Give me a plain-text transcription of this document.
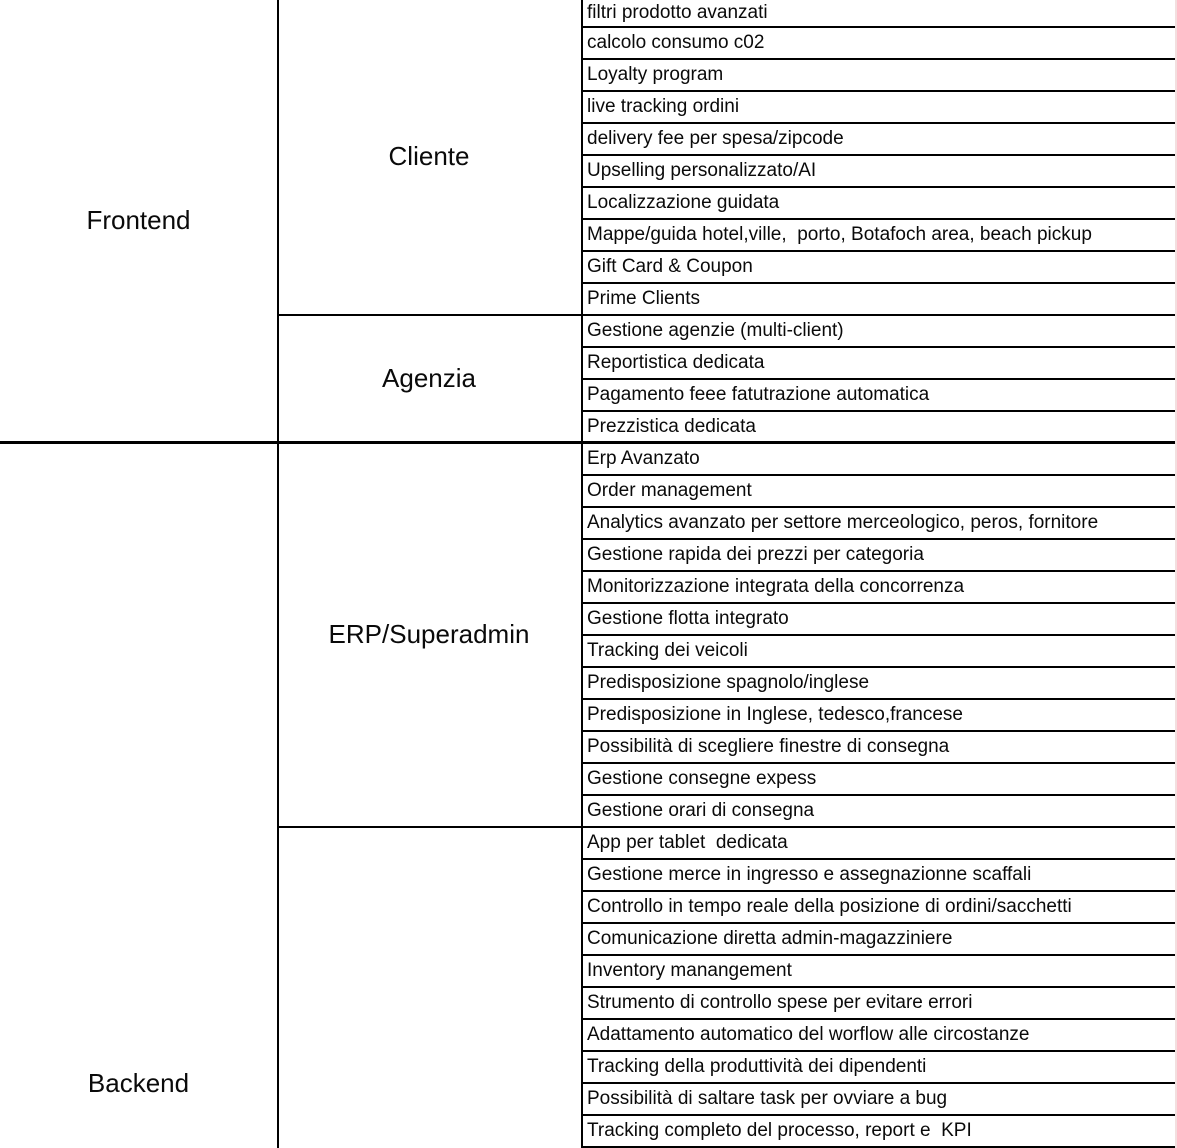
Frontend
Backend
Cliente
Agenzia
ERP/Superadmin
filtri prodotto avanzati
calcolo consumo c02
Loyalty program
live tracking ordini
delivery fee per spesa/zipcode
Upselling personalizzato/AI
Localizzazione guidata
Mappe/guida hotel,ville,  porto, Botafoch area, beach pickup
Gift Card & Coupon
Prime Clients
Gestione agenzie (multi-client)
Reportistica dedicata
Pagamento feee fatutrazione automatica
Prezzistica dedicata
Erp Avanzato
Order management
Analytics avanzato per settore merceologico, peros, fornitore
Gestione rapida dei prezzi per categoria
Monitorizzazione integrata della concorrenza
Gestione flotta integrato
Tracking dei veicoli
Predisposizione spagnolo/inglese
Predisposizione in Inglese, tedesco,francese
Possibilità di scegliere finestre di consegna
Gestione consegne expess
Gestione orari di consegna
App per tablet  dedicata
Gestione merce in ingresso e assegnazionne scaffali
Controllo in tempo reale della posizione di ordini/sacchetti
Comunicazione diretta admin-magazziniere
Inventory manangement
Strumento di controllo spese per evitare errori
Adattamento automatico del worflow alle circostanze
Tracking della produttività dei dipendenti
Possibilità di saltare task per ovviare a bug
Tracking completo del processo, report e  KPI
